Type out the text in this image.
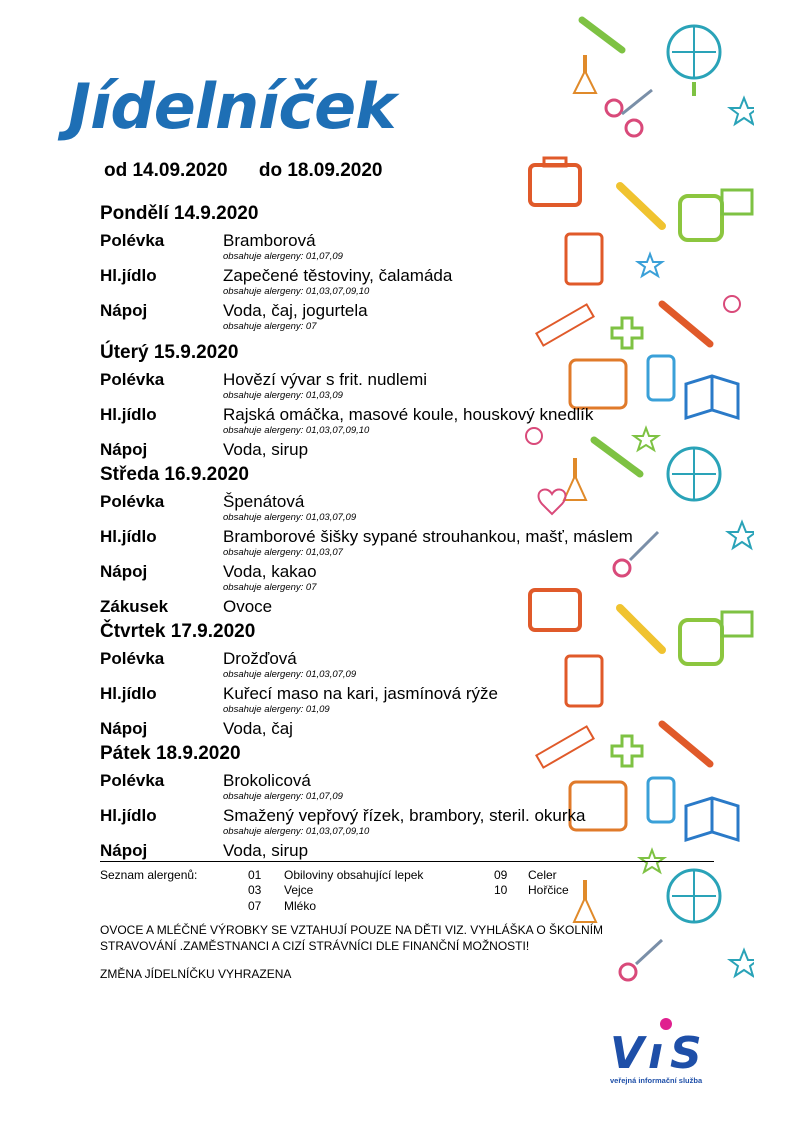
Jídelníček
od 14.09.2020 do 18.09.2020
Pondělí 14.9.2020
Polévka	Bramborová
obsahuje alergeny: 01,07,09
Hl.jídlo	Zapečené těstoviny, čalamáda
obsahuje alergeny: 01,03,07,09,10
Nápoj	Voda, čaj, jogurtela
obsahuje alergeny: 07
Úterý 15.9.2020
Polévka	Hovězí vývar s frit. nudlemi
obsahuje alergeny: 01,03,09
Hl.jídlo	Rajská omáčka, masové koule, houskový knedlík
obsahuje alergeny: 01,03,07,09,10
Nápoj	Voda, sirup
Středa 16.9.2020
Polévka	Špenátová
obsahuje alergeny: 01,03,07,09
Hl.jídlo	Bramborové šišky sypané strouhankou, mašť, máslem
obsahuje alergeny: 01,03,07
Nápoj	Voda, kakao
obsahuje alergeny: 07
Zákusek	Ovoce
Čtvrtek 17.9.2020
Polévka	Drožďová
obsahuje alergeny: 01,03,07,09
Hl.jídlo	Kuřecí maso na kari, jasmínová rýže
obsahuje alergeny: 01,09
Nápoj	Voda, čaj
Pátek 18.9.2020
Polévka	Brokolicová
obsahuje alergeny: 01,07,09
Hl.jídlo	Smažený vepřový řízek, brambory, steril. okurka
obsahuje alergeny: 01,03,07,09,10
Nápoj	Voda, sirup
Seznam alergenů:	01 Obiloviny obsahující lepek
03 Vejce
07 Mléko
09 Celer
10 Hořčice
OVOCE A MLÉČNÉ VÝROBKY SE VZTAHUJÍ POUZE NA DĚTI VIZ. VYHLÁŠKA O ŠKOLNÍM
STRAVOVÁNÍ .ZAMĚSTNANCI A CIZÍ STRÁVNÍCI DLE FINANČNÍ MOŽNOSTI!
ZMĚNA JÍDELNÍČKU VYHRAZENA
V ı S
veřejná informační služba
